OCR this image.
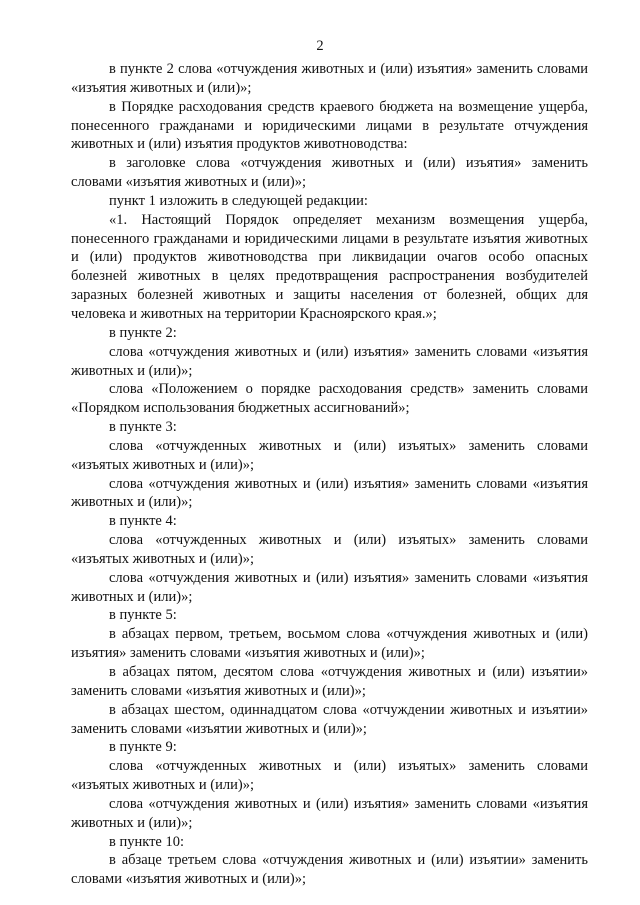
2

в пункте 2 слова «отчуждения животных и (или) изъятия» заменить словами «изъятия животных и (или)»;

в Порядке расходования средств краевого бюджета на возмещение ущерба, понесенного гражданами и юридическими лицами в результате отчуждения животных и (или) изъятия продуктов животноводства:

в заголовке слова «отчуждения животных и (или) изъятия» заменить словами «изъятия животных и (или)»;

пункт 1 изложить в следующей редакции:

«1. Настоящий Порядок определяет механизм возмещения ущерба, понесенного гражданами и юридическими лицами в результате изъятия животных и (или) продуктов животноводства при ликвидации очагов особо опасных болезней животных в целях предотвращения распространения возбудителей заразных болезней животных и защиты населения от болезней, общих для человека и животных на территории Красноярского края.»;

в пункте 2:

слова «отчуждения животных и (или) изъятия» заменить словами «изъятия животных и (или)»;

слова «Положением о порядке расходования средств» заменить словами «Порядком использования бюджетных ассигнований»;

в пункте 3:

слова «отчужденных животных и (или) изъятых» заменить словами «изъятых животных и (или)»;

слова «отчуждения животных и (или) изъятия» заменить словами «изъятия животных и (или)»;

в пункте 4:

слова «отчужденных животных и (или) изъятых» заменить словами «изъятых животных и (или)»;

слова «отчуждения животных и (или) изъятия» заменить словами «изъятия животных и (или)»;

в пункте 5:

в абзацах первом, третьем, восьмом слова «отчуждения животных и (или) изъятия» заменить словами «изъятия животных и (или)»;

в абзацах пятом, десятом слова «отчуждения животных и (или) изъятии» заменить словами «изъятия животных и (или)»;

в абзацах шестом, одиннадцатом слова «отчуждении животных и изъятии» заменить словами «изъятии животных и (или)»;

в пункте 9:

слова «отчужденных животных и (или) изъятых» заменить словами «изъятых животных и (или)»;

слова «отчуждения животных и (или) изъятия» заменить словами «изъятия животных и (или)»;

в пункте 10:

в абзаце третьем слова «отчуждения животных и (или) изъятии» заменить словами «изъятия животных и (или)»;
